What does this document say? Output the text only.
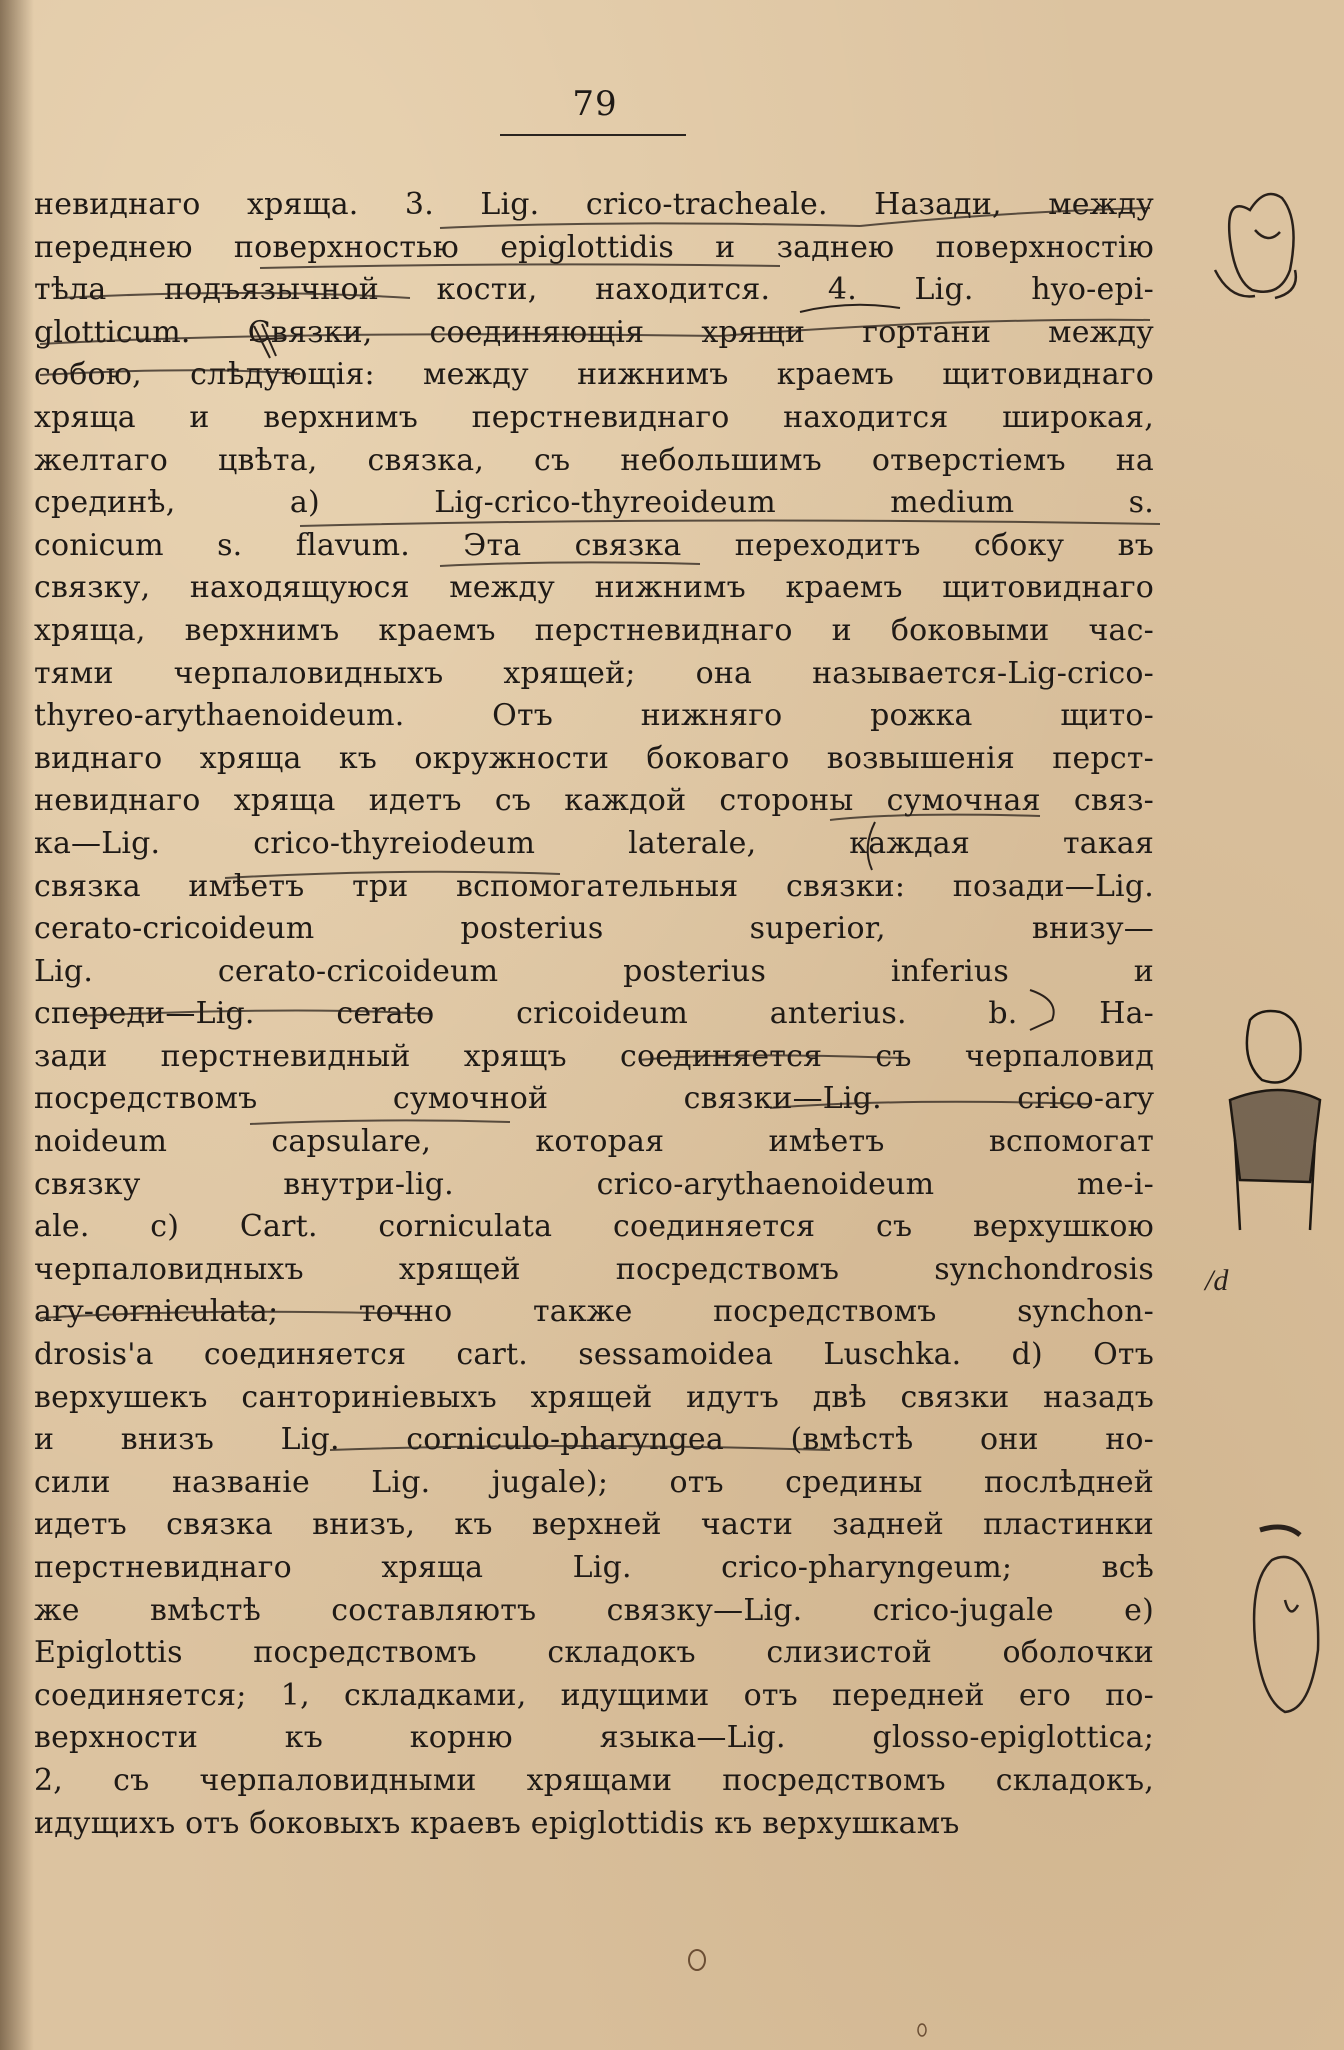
79
невиднаго хряща. 3. Lig. crico-tracheale. Назади, между
переднею поверхностью epiglottidis и заднею поверхностію
тѣла подъязычной кости, находится. 4. Lig. hyo-epi-
glotticum. Связки, соединяющія хрящи гортани между
собою, слѣдующія: между нижнимъ краемъ щитовиднаго
хряща и верхнимъ перстневиднаго находится широкая,
желтаго цвѣта, связка, съ небольшимъ отверстіемъ на
срединѣ, a) Lig-crico-thyreoideum medium s.
conicum s. flavum. Эта связка переходитъ сбоку въ
связку, находящуюся между нижнимъ краемъ щитовиднаго
хряща, верхнимъ краемъ перстневиднаго и боковыми час-
тями черпаловидныхъ хрящей; она называется-Lig-crico-
thyreo-arythaenoideum. Отъ нижняго рожка щито-
виднаго хряща къ окружности боковаго возвышенія перст-
невиднаго хряща идетъ съ каждой стороны сумочная связ-
ка—Lig. crico-thyreiodeum laterale, каждая такая
связка имѣетъ три вспомогательныя связки: позади—Lig.
cerato-cricoideum posterius superior, внизу—
Lig. cerato-cricoideum posterius inferius и
спереди—Lig. cerato cricoideum anterius. b. На-
зади перстневидный хрящъ соединяется съ черпаловид
посредствомъ сумочной связки—Lig. crico-ary
noideum capsulare, которая имѣетъ вспомогат
связку внутри-lig. crico-arythaenoideum me-i-
ale. c) Cart. corniculata соединяется съ верхушкою
черпаловидныхъ хрящей посредствомъ synchondrosis
ary-corniculata; точно также посредствомъ synchon-
drosis'a соединяется cart. sessamoidea Luschka. d) Отъ
верхушекъ санториніевыхъ хрящей идутъ двѣ связки назадъ
и внизъ Lig. corniculo-pharyngea (вмѣстѣ они но-
сили названіе Lig. jugale); отъ средины послѣдней
идетъ связка внизъ, къ верхней части задней пластинки
перстневиднаго хряща Lig. crico-pharyngeum; всѣ
же вмѣстѣ составляютъ связку—Lig. crico-jugale e)
Epiglottis посредствомъ складокъ слизистой оболочки
соединяется; 1, складками, идущими отъ передней его по-
верхности къ корню языка—Lig. glosso-epiglottica;
2, съ черпаловидными хрящами посредствомъ складокъ,
идущихъ отъ боковыхъ краевъ epiglottidis къ верхушкамъ
/d
